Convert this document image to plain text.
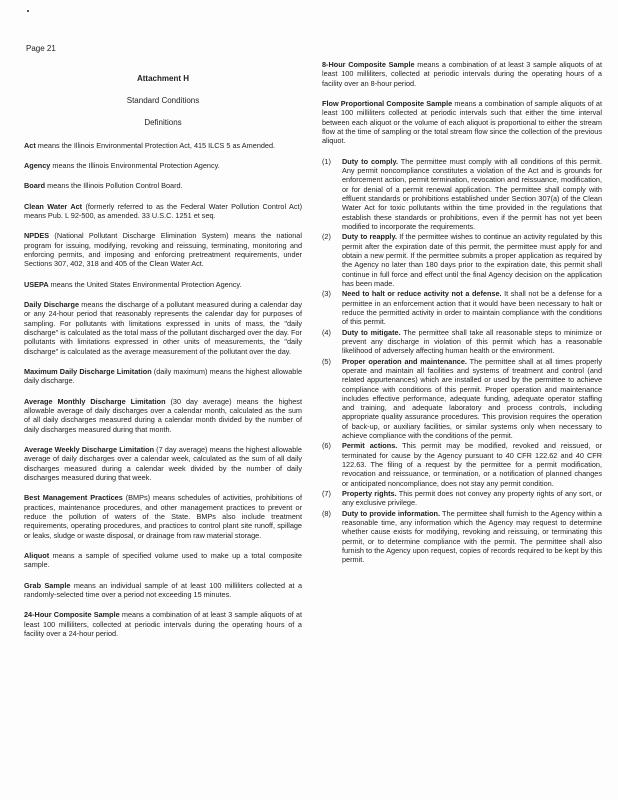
Page 21
Attachment H
Standard Conditions
Definitions

Act means the Illinois Environmental Protection Act, 415 ILCS 5 as Amended.

Agency means the Illinois Environmental Protection Agency.

Board means the Illinois Pollution Control Board.

Clean Water Act (formerly referred to as the Federal Water Pollution Control Act) means Pub. L 92-500, as amended. 33 U.S.C. 1251 et seq.

NPDES (National Pollutant Discharge Elimination System) means the national program for issuing, modifying, revoking and reissuing, terminating, monitoring and enforcing permits, and imposing and enforcing pretreatment requirements, under Sections 307, 402, 318 and 405 of the Clean Water Act.

USEPA means the United States Environmental Protection Agency.

Daily Discharge means the discharge of a pollutant measured during a calendar day or any 24-hour period that reasonably represents the calendar day for purposes of sampling. For pollutants with limitations expressed in units of mass, the "daily discharge" is calculated as the total mass of the pollutant discharged over the day. For pollutants with limitations expressed in other units of measurements, the "daily discharge" is calculated as the average measurement of the pollutant over the day.

Maximum Daily Discharge Limitation (daily maximum) means the highest allowable daily discharge.

Average Monthly Discharge Limitation (30 day average) means the highest allowable average of daily discharges over a calendar month, calculated as the sum of all daily discharges measured during a calendar month divided by the number of daily discharges measured during that month.

Average Weekly Discharge Limitation (7 day average) means the highest allowable average of daily discharges over a calendar week, calculated as the sum of all daily discharges measured during a calendar week divided by the number of daily discharges measured during that week.

Best Management Practices (BMPs) means schedules of activities, prohibitions of practices, maintenance procedures, and other management practices to prevent or reduce the pollution of waters of the State. BMPs also include treatment requirements, operating procedures, and practices to control plant site runoff, spillage or leaks, sludge or waste disposal, or drainage from raw material storage.

Aliquot means a sample of specified volume used to make up a total composite sample.

Grab Sample means an individual sample of at least 100 milliliters collected at a randomly-selected time over a period not exceeding 15 minutes.

24-Hour Composite Sample means a combination of at least 3 sample aliquots of at least 100 milliliters, collected at periodic intervals during the operating hours of a facility over a 24-hour period.

8-Hour Composite Sample means a combination of at least 3 sample aliquots of at least 100 milliliters, collected at periodic intervals during the operating hours of a facility over an 8-hour period.

Flow Proportional Composite Sample means a combination of sample aliquots of at least 100 milliliters collected at periodic intervals such that either the time interval between each aliquot or the volume of each aliquot is proportional to either the stream flow at the time of sampling or the total stream flow since the collection of the previous aliquot.

(1)	Duty to comply. The permittee must comply with all conditions of this permit. Any permit noncompliance constitutes a violation of the Act and is grounds for enforcement action, permit termination, revocation and reissuance, modification, or for denial of a permit renewal application. The permittee shall comply with effluent standards or prohibitions established under Section 307(a) of the Clean Water Act for toxic pollutants within the time provided in the regulations that establish these standards or prohibitions, even if the permit has not yet been modified to incorporate the requirements.
(2)	Duty to reapply. If the permittee wishes to continue an activity regulated by this permit after the expiration date of this permit, the permittee must apply for and obtain a new permit. If the permittee submits a proper application as required by the Agency no later than 180 days prior to the expiration date, this permit shall continue in full force and effect until the final Agency decision on the application has been made.
(3)	Need to halt or reduce activity not a defense. It shall not be a defense for a permittee in an enforcement action that it would have been necessary to halt or reduce the permitted activity in order to maintain compliance with the conditions of this permit.
(4)	Duty to mitigate. The permittee shall take all reasonable steps to minimize or prevent any discharge in violation of this permit which has a reasonable likelihood of adversely affecting human health or the environment.
(5)	Proper operation and maintenance. The permittee shall at all times properly operate and maintain all facilities and systems of treatment and control (and related appurtenances) which are installed or used by the permittee to achieve compliance with conditions of this permit. Proper operation and maintenance includes effective performance, adequate funding, adequate operator staffing and training, and adequate laboratory and process controls, including appropriate quality assurance procedures. This provision requires the operation of back-up, or auxiliary facilities, or similar systems only when necessary to achieve compliance with the conditions of the permit.
(6)	Permit actions. This permit may be modified, revoked and reissued, or terminated for cause by the Agency pursuant to 40 CFR 122.62 and 40 CFR 122.63. The filing of a request by the permittee for a permit modification, revocation and reissuance, or termination, or a notification of planned changes or anticipated noncompliance, does not stay any permit condition.
(7)	Property rights. This permit does not convey any property rights of any sort, or any exclusive privilege.
(8)	Duty to provide information. The permittee shall furnish to the Agency within a reasonable time, any information which the Agency may request to determine whether cause exists for modifying, revoking and reissuing, or terminating this permit, or to determine compliance with the permit. The permittee shall also furnish to the Agency upon request, copies of records required to be kept by this permit.
